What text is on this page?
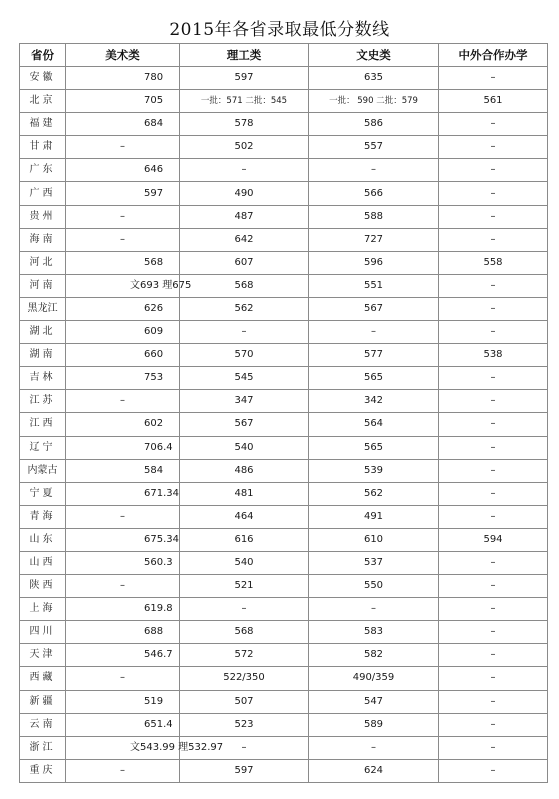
2015年各省录取最低分数线
省份	美术类	理工类	文史类	中外合作办学
安徽	780	597	635	–
北京	705	一批：571 二批：545	一批： 590 二批：579	561
福建	684	578	586	–
甘肃	–	502	557	–
广东	646	–	–	–
广西	597	490	566	–
贵州	–	487	588	–
海南	–	642	727	–
河北	568	607	596	558
河南	文693 理675	568	551	–
黑龙江	626	562	567	–
湖北	609	–	–	–
湖南	660	570	577	538
吉林	753	545	565	–
江苏	–	347	342	–
江西	602	567	564	–
辽宁	706.4	540	565	–
内蒙古	584	486	539	–
宁夏	671.34	481	562	–
青海	–	464	491	–
山东	675.34	616	610	594
山西	560.3	540	537	–
陕西	–	521	550	–
上海	619.8	–	–	–
四川	688	568	583	–
天津	546.7	572	582	–
西藏	–	522/350	490/359	–
新疆	519	507	547	–
云南	651.4	523	589	–
浙江	文543.99 理532.97	–	–	–
重庆	–	597	624	–
